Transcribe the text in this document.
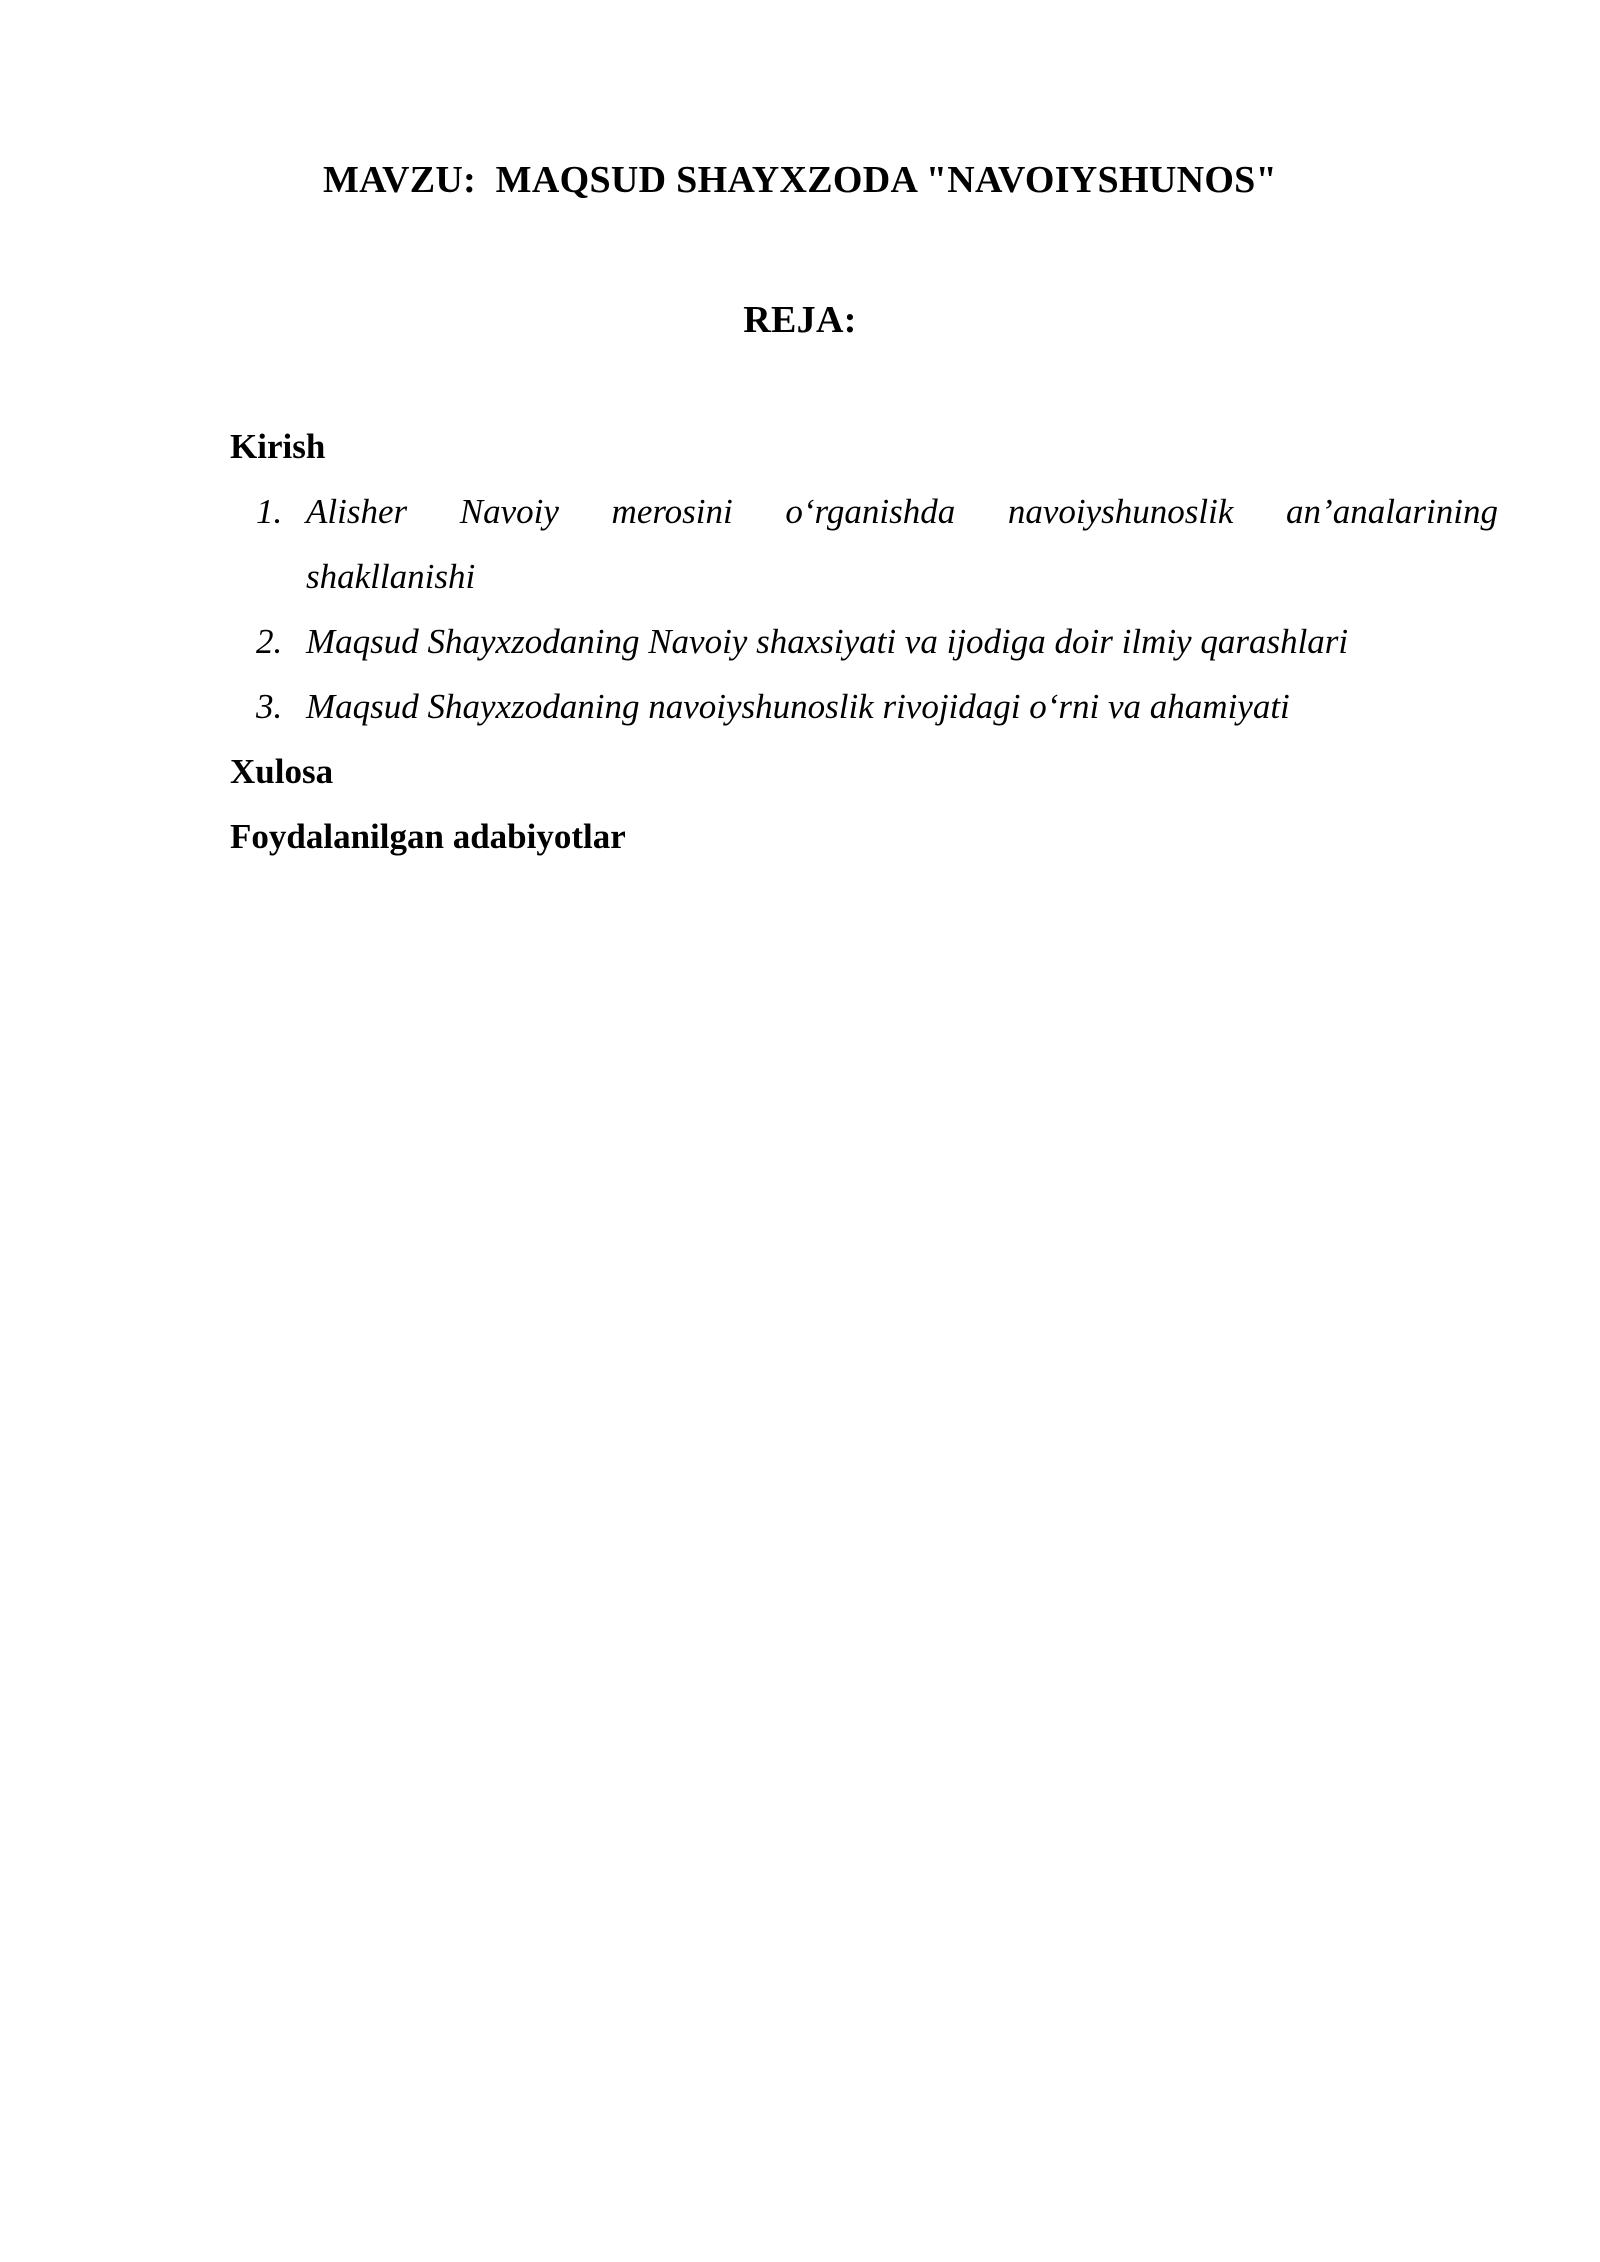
MAVZU:  MAQSUD SHAYXZODA "NAVOIYSHUNOS"
REJA:
Kirish
1. Alisher Navoiy merosini o‘rganishda navoiyshunoslik an’analarining
shakllanishi
2. Maqsud Shayxzodaning Navoiy shaxsiyati va ijodiga doir ilmiy qarashlari
3. Maqsud Shayxzodaning navoiyshunoslik rivojidagi o‘rni va ahamiyati
Xulosa
Foydalanilgan adabiyotlar
